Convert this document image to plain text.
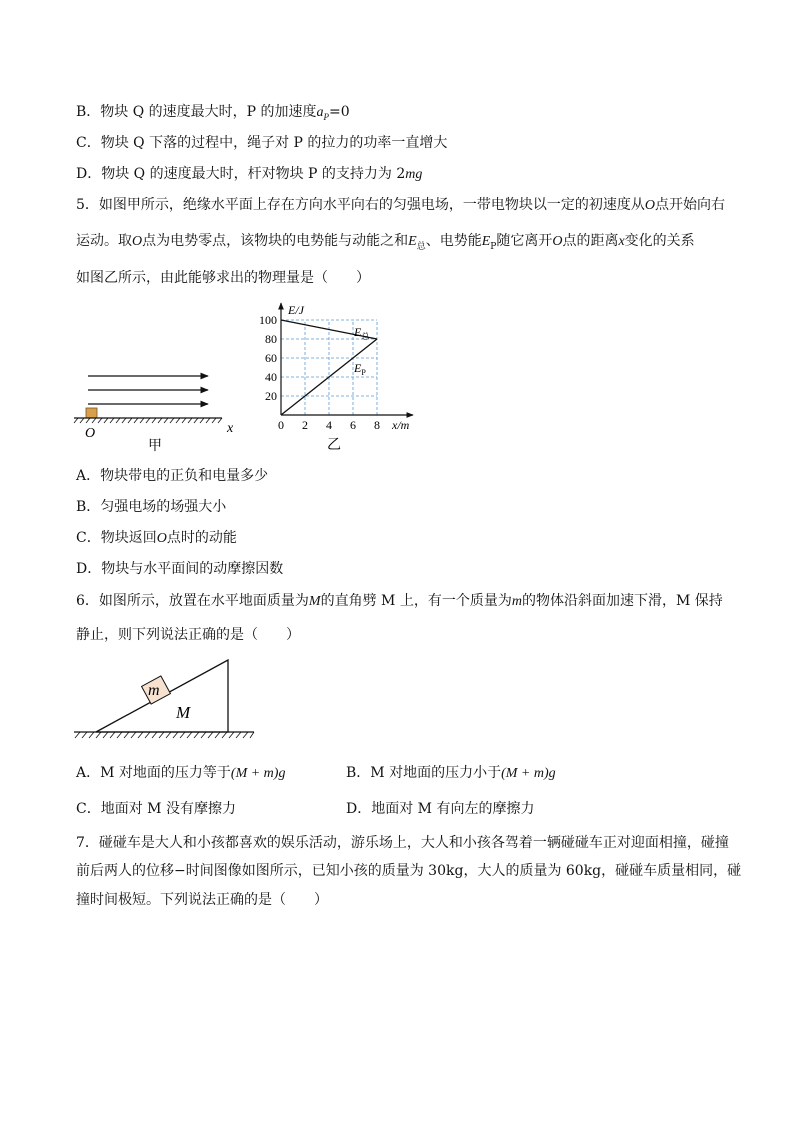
B．物块 Q 的速度最大时，P 的加速度$a_P=0$
C．物块 Q 下落的过程中，绳子对 P 的拉力的功率一直增大
D．物块 Q 的速度最大时，杆对物块 P 的支持力为 2mg
5．如图甲所示，绝缘水平面上存在方向水平向右的匀强电场，一带电物块以一定的初速度从O点开始向右
运动。取O点为电势零点，该物块的电势能与动能之和$E_总$、电势能$E_P$随它离开O点的距离x变化的关系
如图乙所示，由此能够求出的物理量是（　　）
O	x
甲
100
80
60
40
20
0 2 4 6 8
E/J
x/m
$E_总$
$E_P$
乙
A．物块带电的正负和电量多少
B．匀强电场的场强大小
C．物块返回O点时的动能
D．物块与水平面间的动摩擦因数
6．如图所示，放置在水平地面质量为M的直角劈 M 上，有一个质量为m的物体沿斜面加速下滑，M 保持
静止，则下列说法正确的是（　　）
m
M
A．M 对地面的压力等于(M + m)g	B．M 对地面的压力小于(M + m)g
C．地面对 M 没有摩擦力	D．地面对 M 有向左的摩擦力
7．碰碰车是大人和小孩都喜欢的娱乐活动，游乐场上，大人和小孩各驾着一辆碰碰车正对迎面相撞，碰撞
前后两人的位移−时间图像如图所示，已知小孩的质量为 30kg，大人的质量为 60kg，碰碰车质量相同，碰
撞时间极短。下列说法正确的是（　　）
